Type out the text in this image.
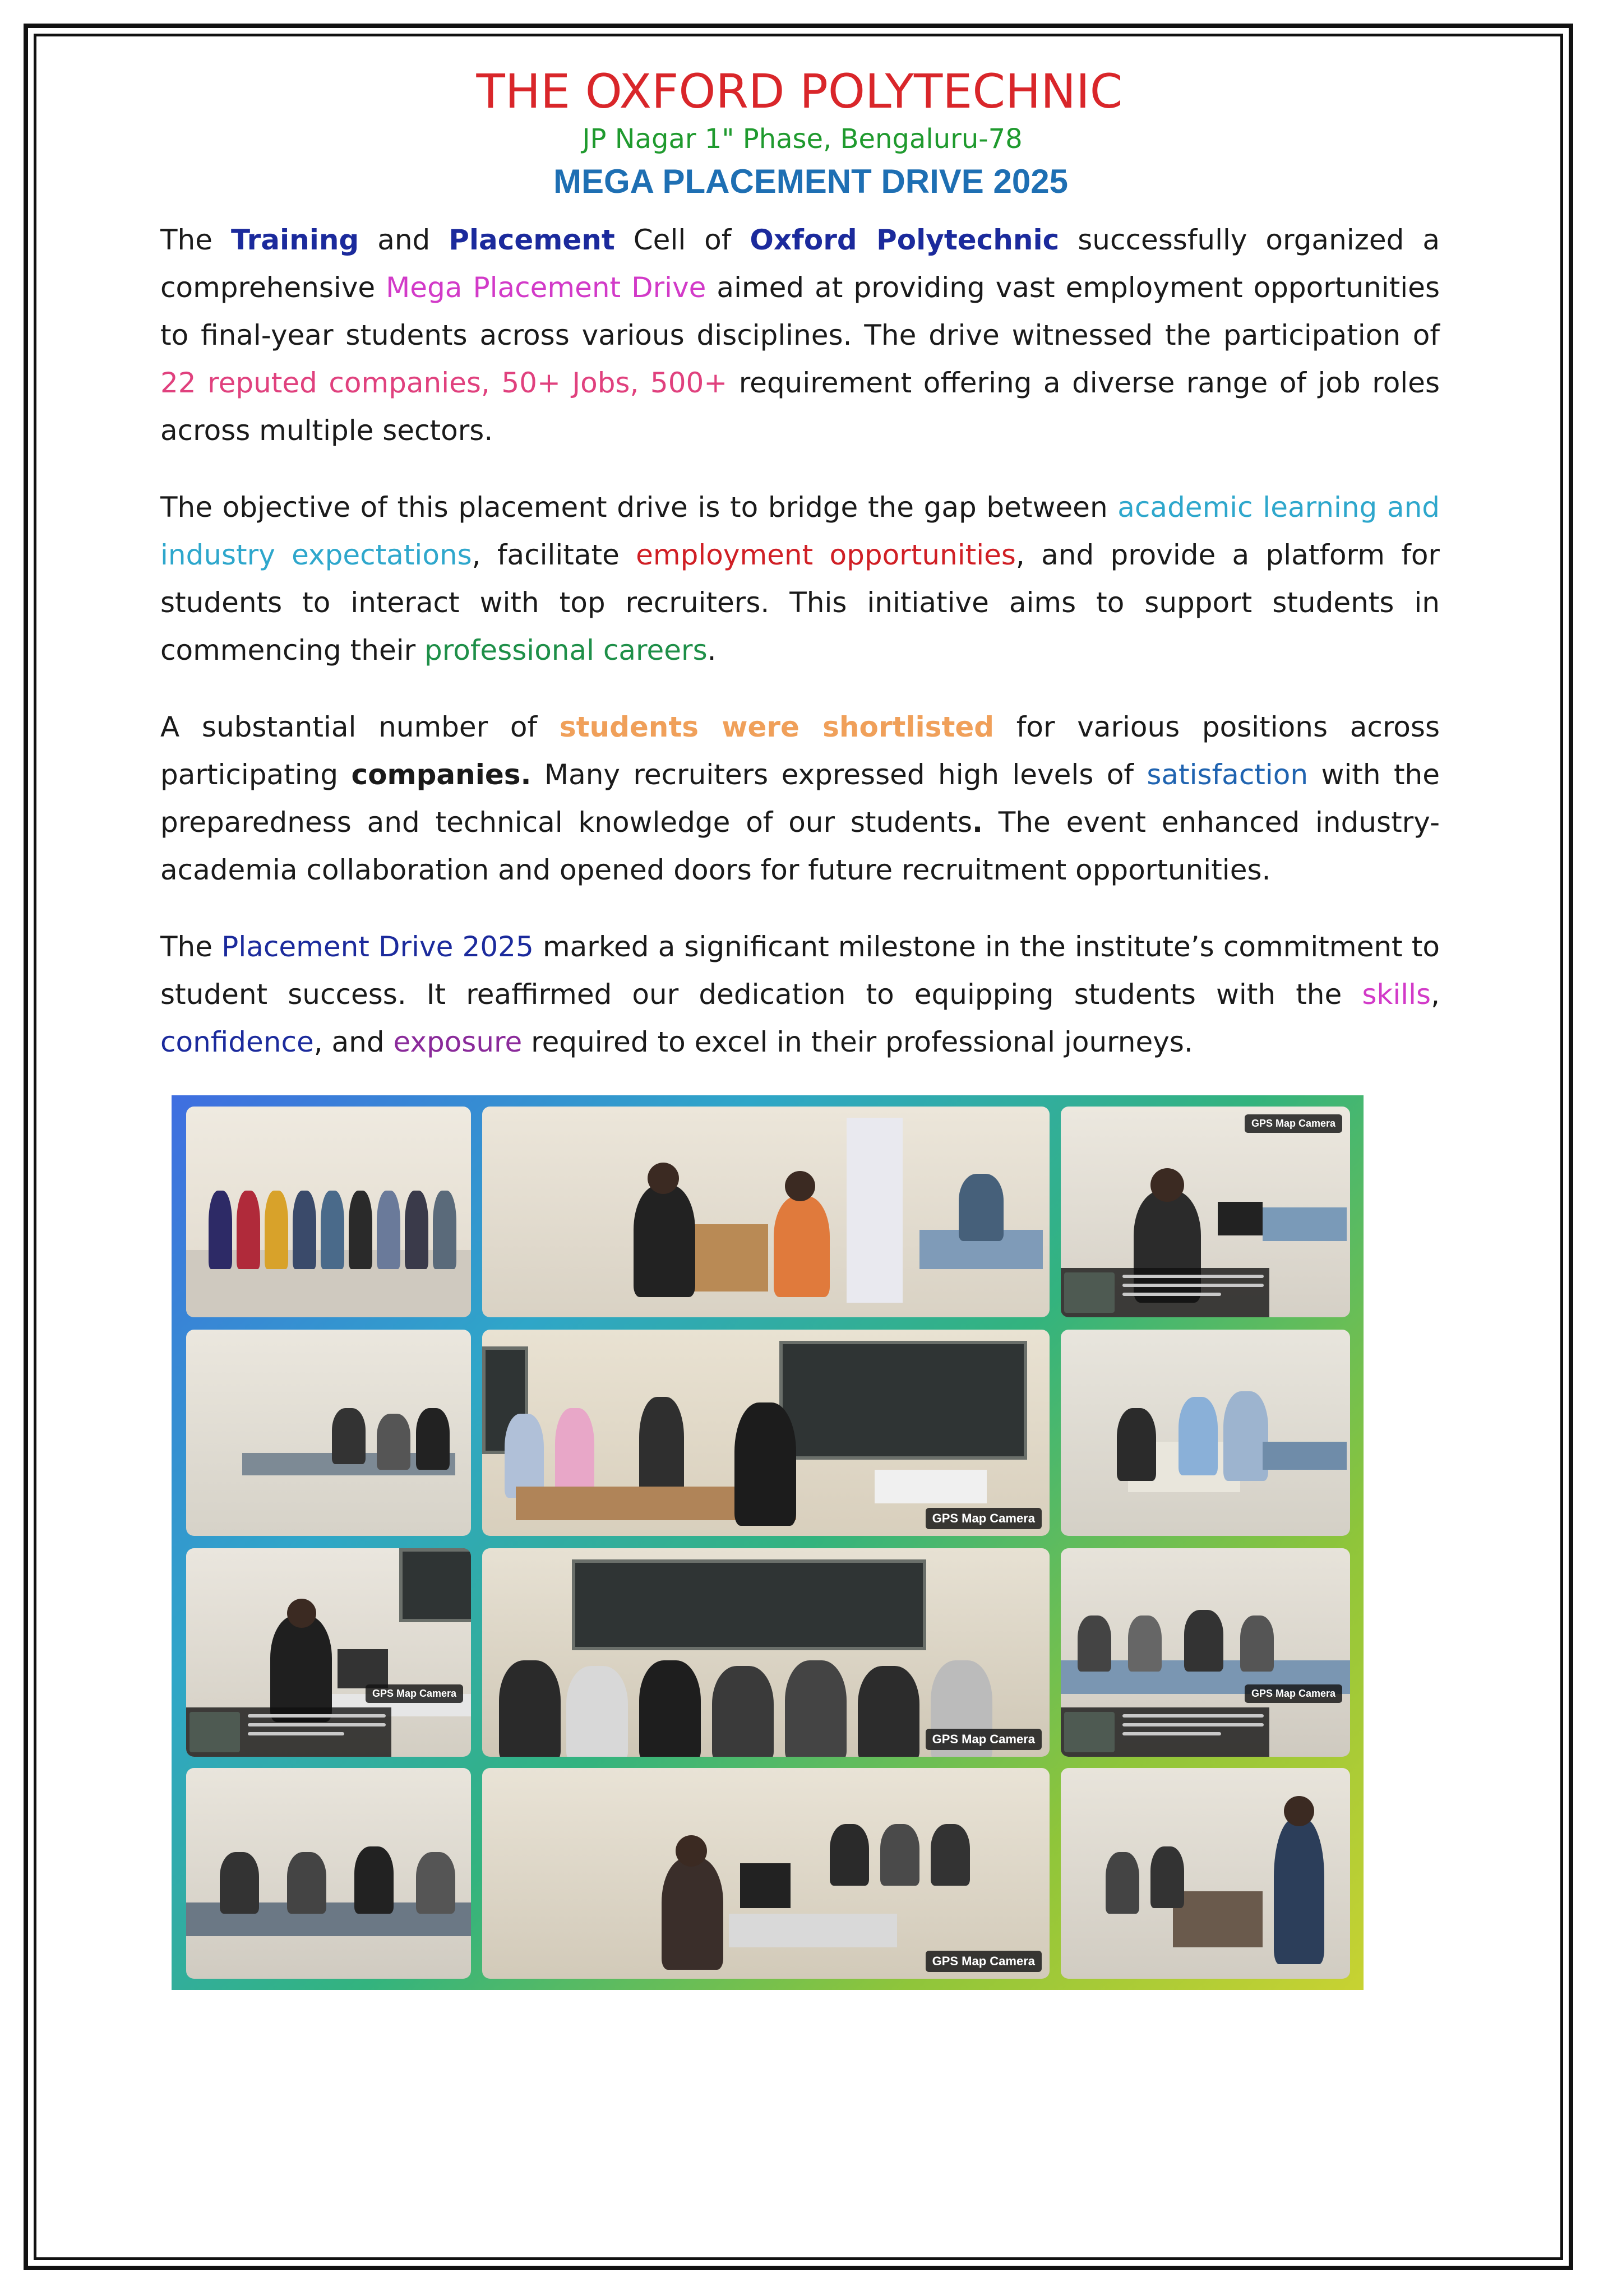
THE OXFORD POLYTECHNIC
JP Nagar 1" Phase, Bengaluru-78
MEGA PLACEMENT DRIVE 2025

The Training and Placement Cell of Oxford Polytechnic successfully organized a comprehensive Mega Placement Drive aimed at providing vast employment opportunities to final-year students across various disciplines. The drive witnessed the participation of 22 reputed companies, 50+ Jobs, 500+ requirement offering a diverse range of job roles across multiple sectors.

The objective of this placement drive is to bridge the gap between academic learning and industry expectations, facilitate employment opportunities, and provide a platform for students to interact with top recruiters. This initiative aims to support students in commencing their professional careers.

A substantial number of students were shortlisted for various positions across participating companies. Many recruiters expressed high levels of satisfaction with the preparedness and technical knowledge of our students. The event enhanced industry-academia collaboration and opened doors for future recruitment opportunities.

The Placement Drive 2025 marked a significant milestone in the institute’s commitment to student success. It reaffirmed our dedication to equipping students with the skills, confidence, and exposure required to excel in their professional journeys.

GPS Map Camera
GPS Map Camera
GPS Map Camera
GPS Map Camera
GPS Map Camera
GPS Map Camera
